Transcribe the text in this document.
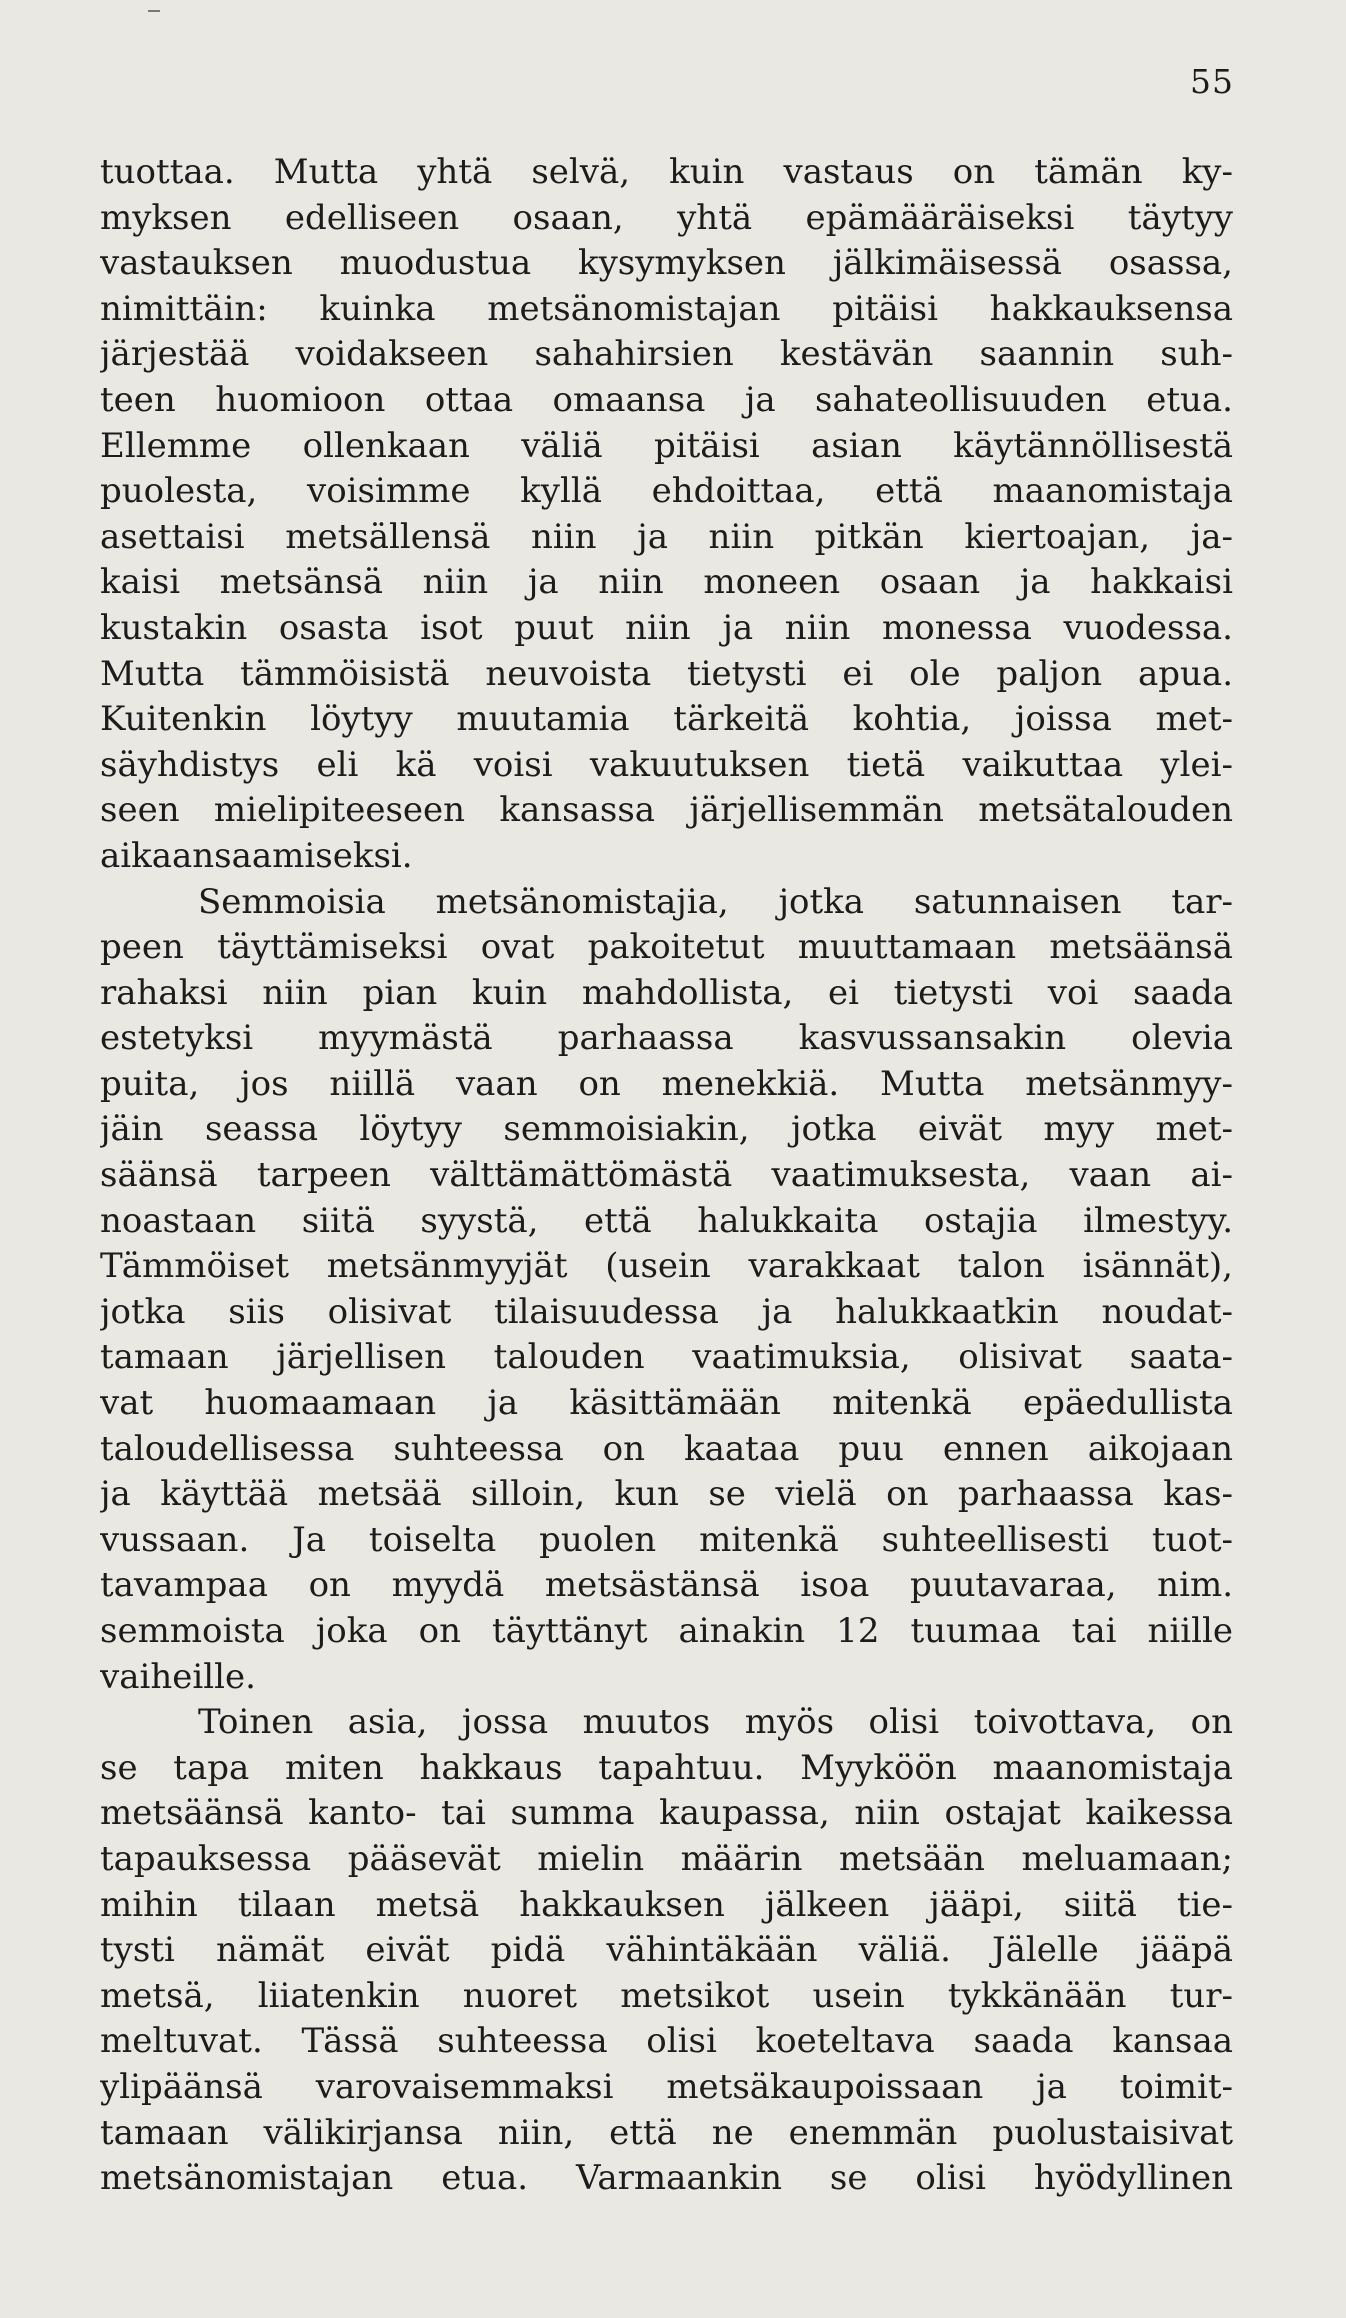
55
tuottaa. Mutta yhtä selvä, kuin vastaus on tämän ky-
myksen edelliseen osaan, yhtä epämääräiseksi täytyy
vastauksen muodustua kysymyksen jälkimäisessä osassa,
nimittäin: kuinka metsänomistajan pitäisi hakkauksensa
järjestää voidakseen sahahirsien kestävän saannin suh-
teen huomioon ottaa omaansa ja sahateollisuuden etua.
Ellemme ollenkaan väliä pitäisi asian käytännöllisestä
puolesta, voisimme kyllä ehdoittaa, että maanomistaja
asettaisi metsällensä niin ja niin pitkän kiertoajan, ja-
kaisi metsänsä niin ja niin moneen osaan ja hakkaisi
kustakin osasta isot puut niin ja niin monessa vuodessa.
Mutta tämmöisistä neuvoista tietysti ei ole paljon apua.
Kuitenkin löytyy muutamia tärkeitä kohtia, joissa met-
säyhdistys eli kä voisi vakuutuksen tietä vaikuttaa ylei-
seen mielipiteeseen kansassa järjellisemmän metsätalouden
aikaansaamiseksi.
Semmoisia metsänomistajia, jotka satunnaisen tar-
peen täyttämiseksi ovat pakoitetut muuttamaan metsäänsä
rahaksi niin pian kuin mahdollista, ei tietysti voi saada
estetyksi myymästä parhaassa kasvussansakin olevia
puita, jos niillä vaan on menekkiä. Mutta metsänmyy-
jäin seassa löytyy semmoisiakin, jotka eivät myy met-
säänsä tarpeen välttämättömästä vaatimuksesta, vaan ai-
noastaan siitä syystä, että halukkaita ostajia ilmestyy.
Tämmöiset metsänmyyjät (usein varakkaat talon isännät),
jotka siis olisivat tilaisuudessa ja halukkaatkin noudat-
tamaan järjellisen talouden vaatimuksia, olisivat saata-
vat huomaamaan ja käsittämään mitenkä epäedullista
taloudellisessa suhteessa on kaataa puu ennen aikojaan
ja käyttää metsää silloin, kun se vielä on parhaassa kas-
vussaan. Ja toiselta puolen mitenkä suhteellisesti tuot-
tavampaa on myydä metsästänsä isoa puutavaraa, nim.
semmoista joka on täyttänyt ainakin 12 tuumaa tai niille
vaiheille.
Toinen asia, jossa muutos myös olisi toivottava, on
se tapa miten hakkaus tapahtuu. Myyköön maanomistaja
metsäänsä kanto- tai summa kaupassa, niin ostajat kaikessa
tapauksessa pääsevät mielin määrin metsään meluamaan;
mihin tilaan metsä hakkauksen jälkeen jääpi, siitä tie-
tysti nämät eivät pidä vähintäkään väliä. Jälelle jääpä
metsä, liiatenkin nuoret metsikot usein tykkänään tur-
meltuvat. Tässä suhteessa olisi koeteltava saada kansaa
ylipäänsä varovaisemmaksi metsäkaupoissaan ja toimit-
tamaan välikirjansa niin, että ne enemmän puolustaisivat
metsänomistajan etua. Varmaankin se olisi hyödyllinen
